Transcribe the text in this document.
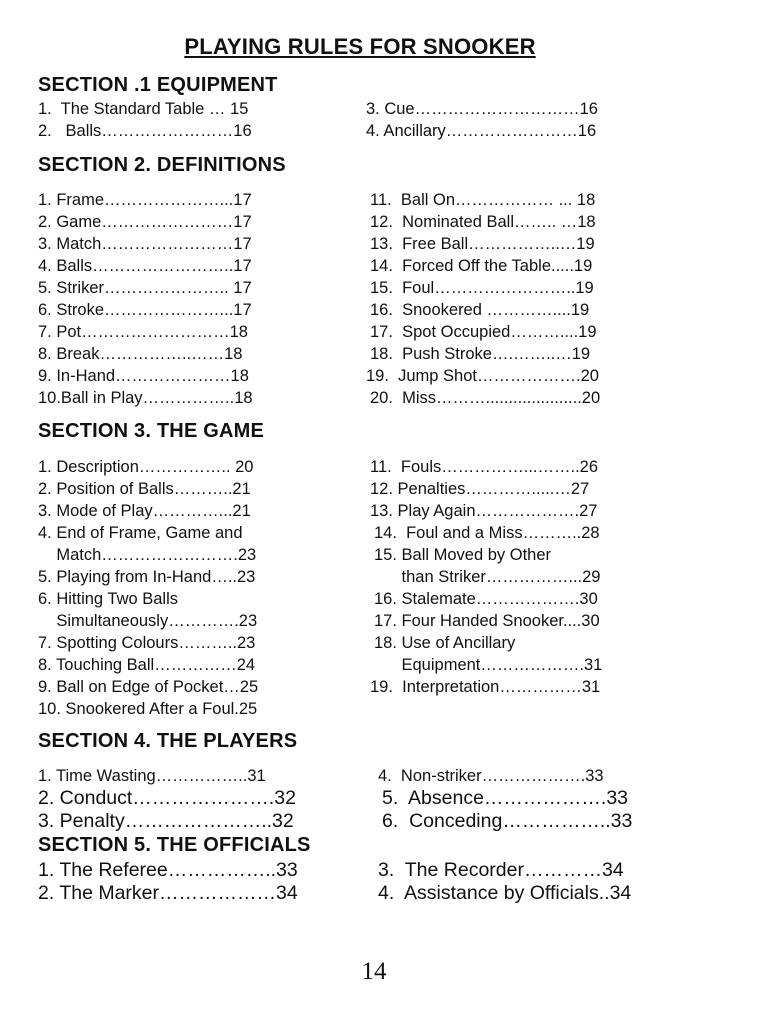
PLAYING RULES FOR SNOOKER
SECTION .1 EQUIPMENT
1.  The Standard Table … 15	3. Cue…………………………16
2.   Balls……………………16	4. Ancillary……………………16
SECTION 2. DEFINITIONS
1. Frame…………………...17	11.  Ball On……………… ... 18
2. Game……………………17	12.  Nominated Ball…….. …18
3. Match……………………17	13.  Free Ball……………..…19
4. Balls……………………..17	14.  Forced Off the Table.....19
5. Striker………………….. 17	15.  Foul……………………..19
6. Stroke…………………...17	16.  Snookered …………....19
7. Pot………………………18	17.  Spot Occupied………....19
8. Break……………..……18	18.  Push Stroke….……..…19
9. In-Hand…………………18	19.  Jump Shot……………….20
10.Ball in Play……………..18	20.  Miss……….....................20
SECTION 3. THE GAME
1. Description…………….. 20	11.  Fouls……………...……..26
2. Position of Balls………..21	12. Penalties………….....…27
3. Mode of Play…………...21	13. Play Again……………….27
4. End of Frame, Game and	14.  Foul and a Miss………..28
Match…………………….23	15. Ball Moved by Other
5. Playing from In-Hand…..23	than Striker……………...29
6. Hitting Two Balls	16. Stalemate……………….30
Simultaneously………….23	17. Four Handed Snooker....30
7. Spotting Colours………..23	18. Use of Ancillary
8. Touching Ball……………24	Equipment……………….31
9. Ball on Edge of Pocket…25	19.  Interpretation……………31
10. Snookered After a Foul.25
SECTION 4. THE PLAYERS
1. Time Wasting……………..31	4.  Non-striker……………….33
2. Conduct………………….32	5.  Absence……………….33
3. Penalty…………………..32	6.  Conceding……………..33
SECTION 5. THE OFFICIALS
1. The Referee……………..33	3.  The Recorder…………34
2. The Marker………………34	4.  Assistance by Officials..34
14
